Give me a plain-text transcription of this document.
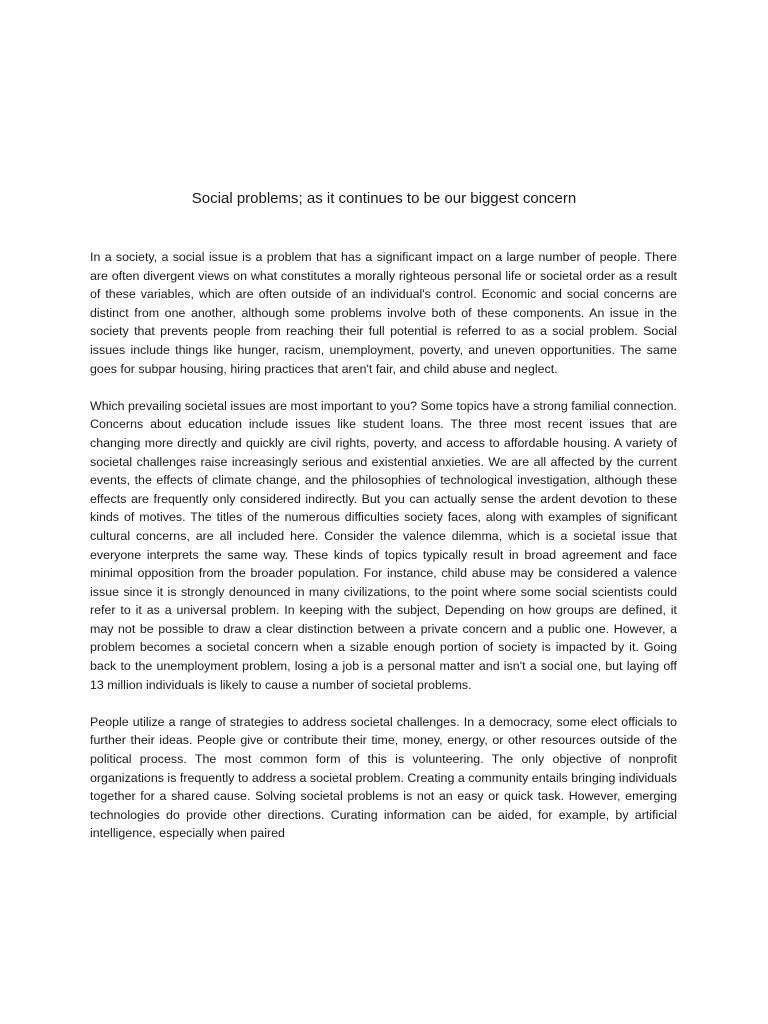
Social problems; as it continues to be our biggest concern

In a society, a social issue is a problem that has a significant impact on a large number of people. There are often divergent views on what constitutes a morally righteous personal life or societal order as a result of these variables, which are often outside of an individual's control. Economic and social concerns are distinct from one another, although some problems involve both of these components. An issue in the society that prevents people from reaching their full potential is referred to as a social problem. Social issues include things like hunger, racism, unemployment, poverty, and uneven opportunities. The same goes for subpar housing, hiring practices that aren't fair, and child abuse and neglect.

Which prevailing societal issues are most important to you? Some topics have a strong familial connection. Concerns about education include issues like student loans. The three most recent issues that are changing more directly and quickly are civil rights, poverty, and access to affordable housing. A variety of societal challenges raise increasingly serious and existential anxieties. We are all affected by the current events, the effects of climate change, and the philosophies of technological investigation, although these effects are frequently only considered indirectly. But you can actually sense the ardent devotion to these kinds of motives. The titles of the numerous difficulties society faces, along with examples of significant cultural concerns, are all included here. Consider the valence dilemma, which is a societal issue that everyone interprets the same way. These kinds of topics typically result in broad agreement and face minimal opposition from the broader population. For instance, child abuse may be considered a valence issue since it is strongly denounced in many civilizations, to the point where some social scientists could refer to it as a universal problem. In keeping with the subject, Depending on how groups are defined, it may not be possible to draw a clear distinction between a private concern and a public one. However, a problem becomes a societal concern when a sizable enough portion of society is impacted by it. Going back to the unemployment problem, losing a job is a personal matter and isn't a social one, but laying off 13 million individuals is likely to cause a number of societal problems.

People utilize a range of strategies to address societal challenges. In a democracy, some elect officials to further their ideas. People give or contribute their time, money, energy, or other resources outside of the political process. The most common form of this is volunteering. The only objective of nonprofit organizations is frequently to address a societal problem. Creating a community entails bringing individuals together for a shared cause. Solving societal problems is not an easy or quick task. However, emerging technologies do provide other directions. Curating information can be aided, for example, by artificial intelligence, especially when paired
